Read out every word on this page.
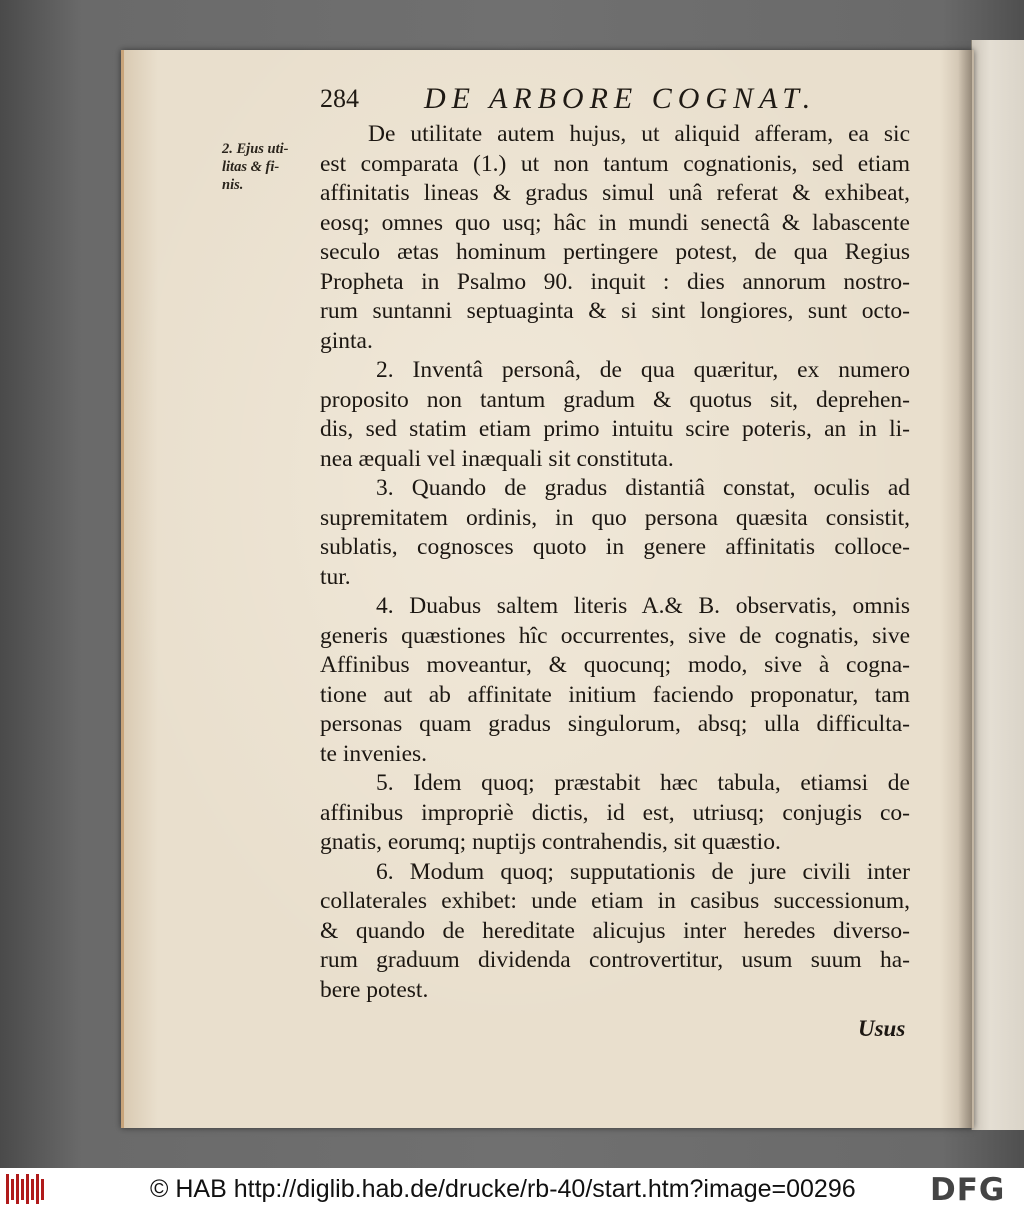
284 DE ARBORE COGNAT.
2. Ejus uti-
litas & fi-
nis.
De utilitate autem hujus, ut aliquid afferam, ea sic
est comparata (1.) ut non tantum cognationis, sed etiam
affinitatis lineas & gradus simul unâ referat & exhibeat,
eosq; omnes quo usq; hâc in mundi senectâ & labascente
seculo ætas hominum pertingere potest, de qua Regius
Propheta in Psalmo 90. inquit : dies annorum nostro-
rum suntanni septuaginta & si sint longiores, sunt octo-
ginta.
2. Inventâ personâ, de qua quæritur, ex numero
proposito non tantum gradum & quotus sit, deprehen-
dis, sed statim etiam primo intuitu scire poteris, an in li-
nea æquali vel inæquali sit constituta.
3. Quando de gradus distantiâ constat, oculis ad
supremitatem ordinis, in quo persona quæsita consistit,
sublatis, cognosces quoto in genere affinitatis colloce-
tur.
4. Duabus saltem literis A.& B. observatis, omnis
generis quæstiones hîc occurrentes, sive de cognatis, sive
Affinibus moveantur, & quocunq; modo, sive à cogna-
tione aut ab affinitate initium faciendo proponatur, tam
personas quam gradus singulorum, absq; ulla difficulta-
te invenies.
5. Idem quoq; præstabit hæc tabula, etiamsi de
affinibus impropriè dictis, id est, utriusq; conjugis co-
gnatis, eorumq; nuptijs contrahendis, sit quæstio.
6. Modum quoq; supputationis de jure civili inter
collaterales exhibet: unde etiam in casibus successionum,
& quando de hereditate alicujus inter heredes diverso-
rum graduum dividenda controvertitur, usum suum ha-
bere potest.
Usus
© HAB http://diglib.hab.de/drucke/rb-40/start.htm?image=00296 DFG
